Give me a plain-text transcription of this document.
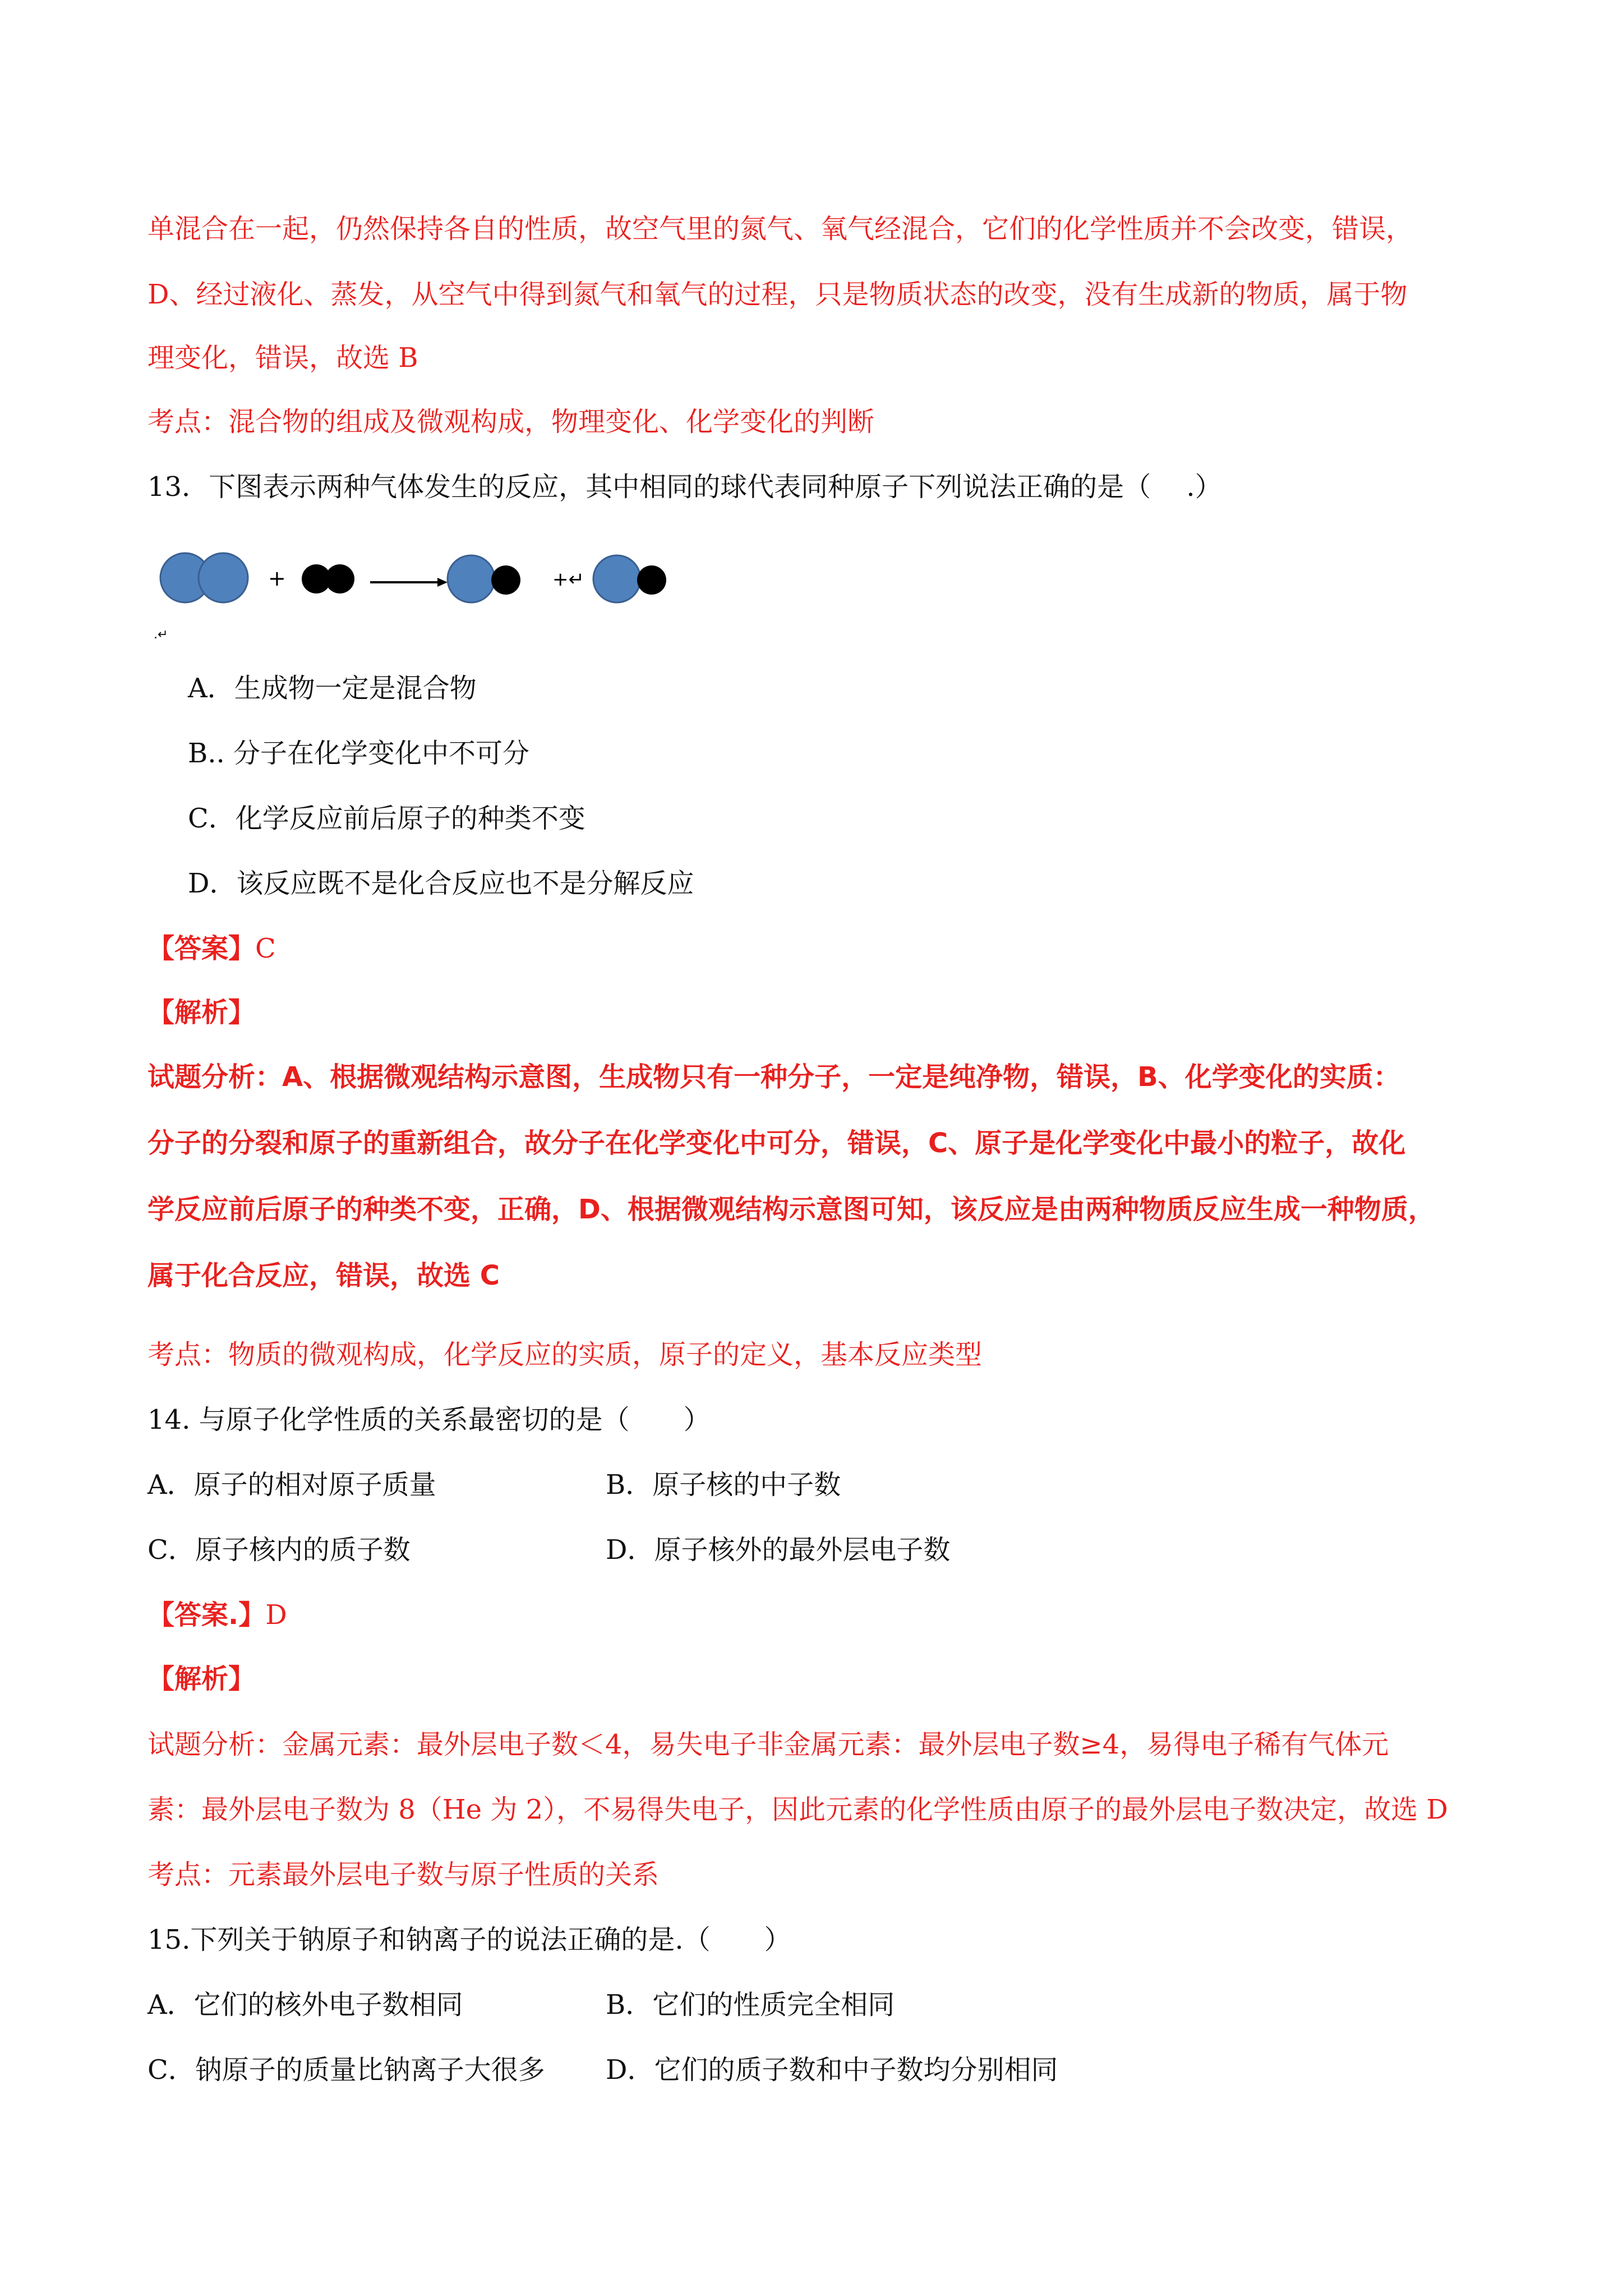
单混合在一起，仍然保持各自的性质，故空气里的氮气、氧气经混合，它们的化学性质并不会改变，错误，
D、经过液化、蒸发，从空气中得到氮气和氧气的过程，只是物质状态的改变，没有生成新的物质，属于物
理变化，错误，故选 B
考点：混合物的组成及微观构成，物理变化、化学变化的判断
13．下图表示两种气体发生的反应，其中相同的球代表同种原子下列说法正确的是（　 .）
+	+↵
.↵
A．生成物一定是混合物
B.. 分子在化学变化中不可分
C．化学反应前后原子的种类不变
D．该反应既不是化合反应也不是分解反应
【答案】C
【解析】
试题分析：A、根据微观结构示意图，生成物只有一种分子，一定是纯净物，错误，B、化学变化的实质：
分子的分裂和原子的重新组合，故分子在化学变化中可分，错误，C、原子是化学变化中最小的粒子，故化
学反应前后原子的种类不变，正确，D、根据微观结构示意图可知，该反应是由两种物质反应生成一种物质，
属于化合反应，错误，故选 C
考点：物质的微观构成，化学反应的实质，原子的定义，基本反应类型
14. 与原子化学性质的关系最密切的是（　　）
A．原子的相对原子质量	B．原子核的中子数
C．原子核内的质子数	D．原子核外的最外层电子数
【答案.】D
【解析】
试题分析：金属元素：最外层电子数＜4，易失电子非金属元素：最外层电子数≥4，易得电子稀有气体元
素：最外层电子数为 8（He 为 2），不易得失电子，因此元素的化学性质由原子的最外层电子数决定，故选 D
考点：元素最外层电子数与原子性质的关系
15.下列关于钠原子和钠离子的说法正确的是.（　　）
A．它们的核外电子数相同	B．它们的性质完全相同
C．钠原子的质量比钠离子大很多 D．它们的质子数和中子数均分别相同
